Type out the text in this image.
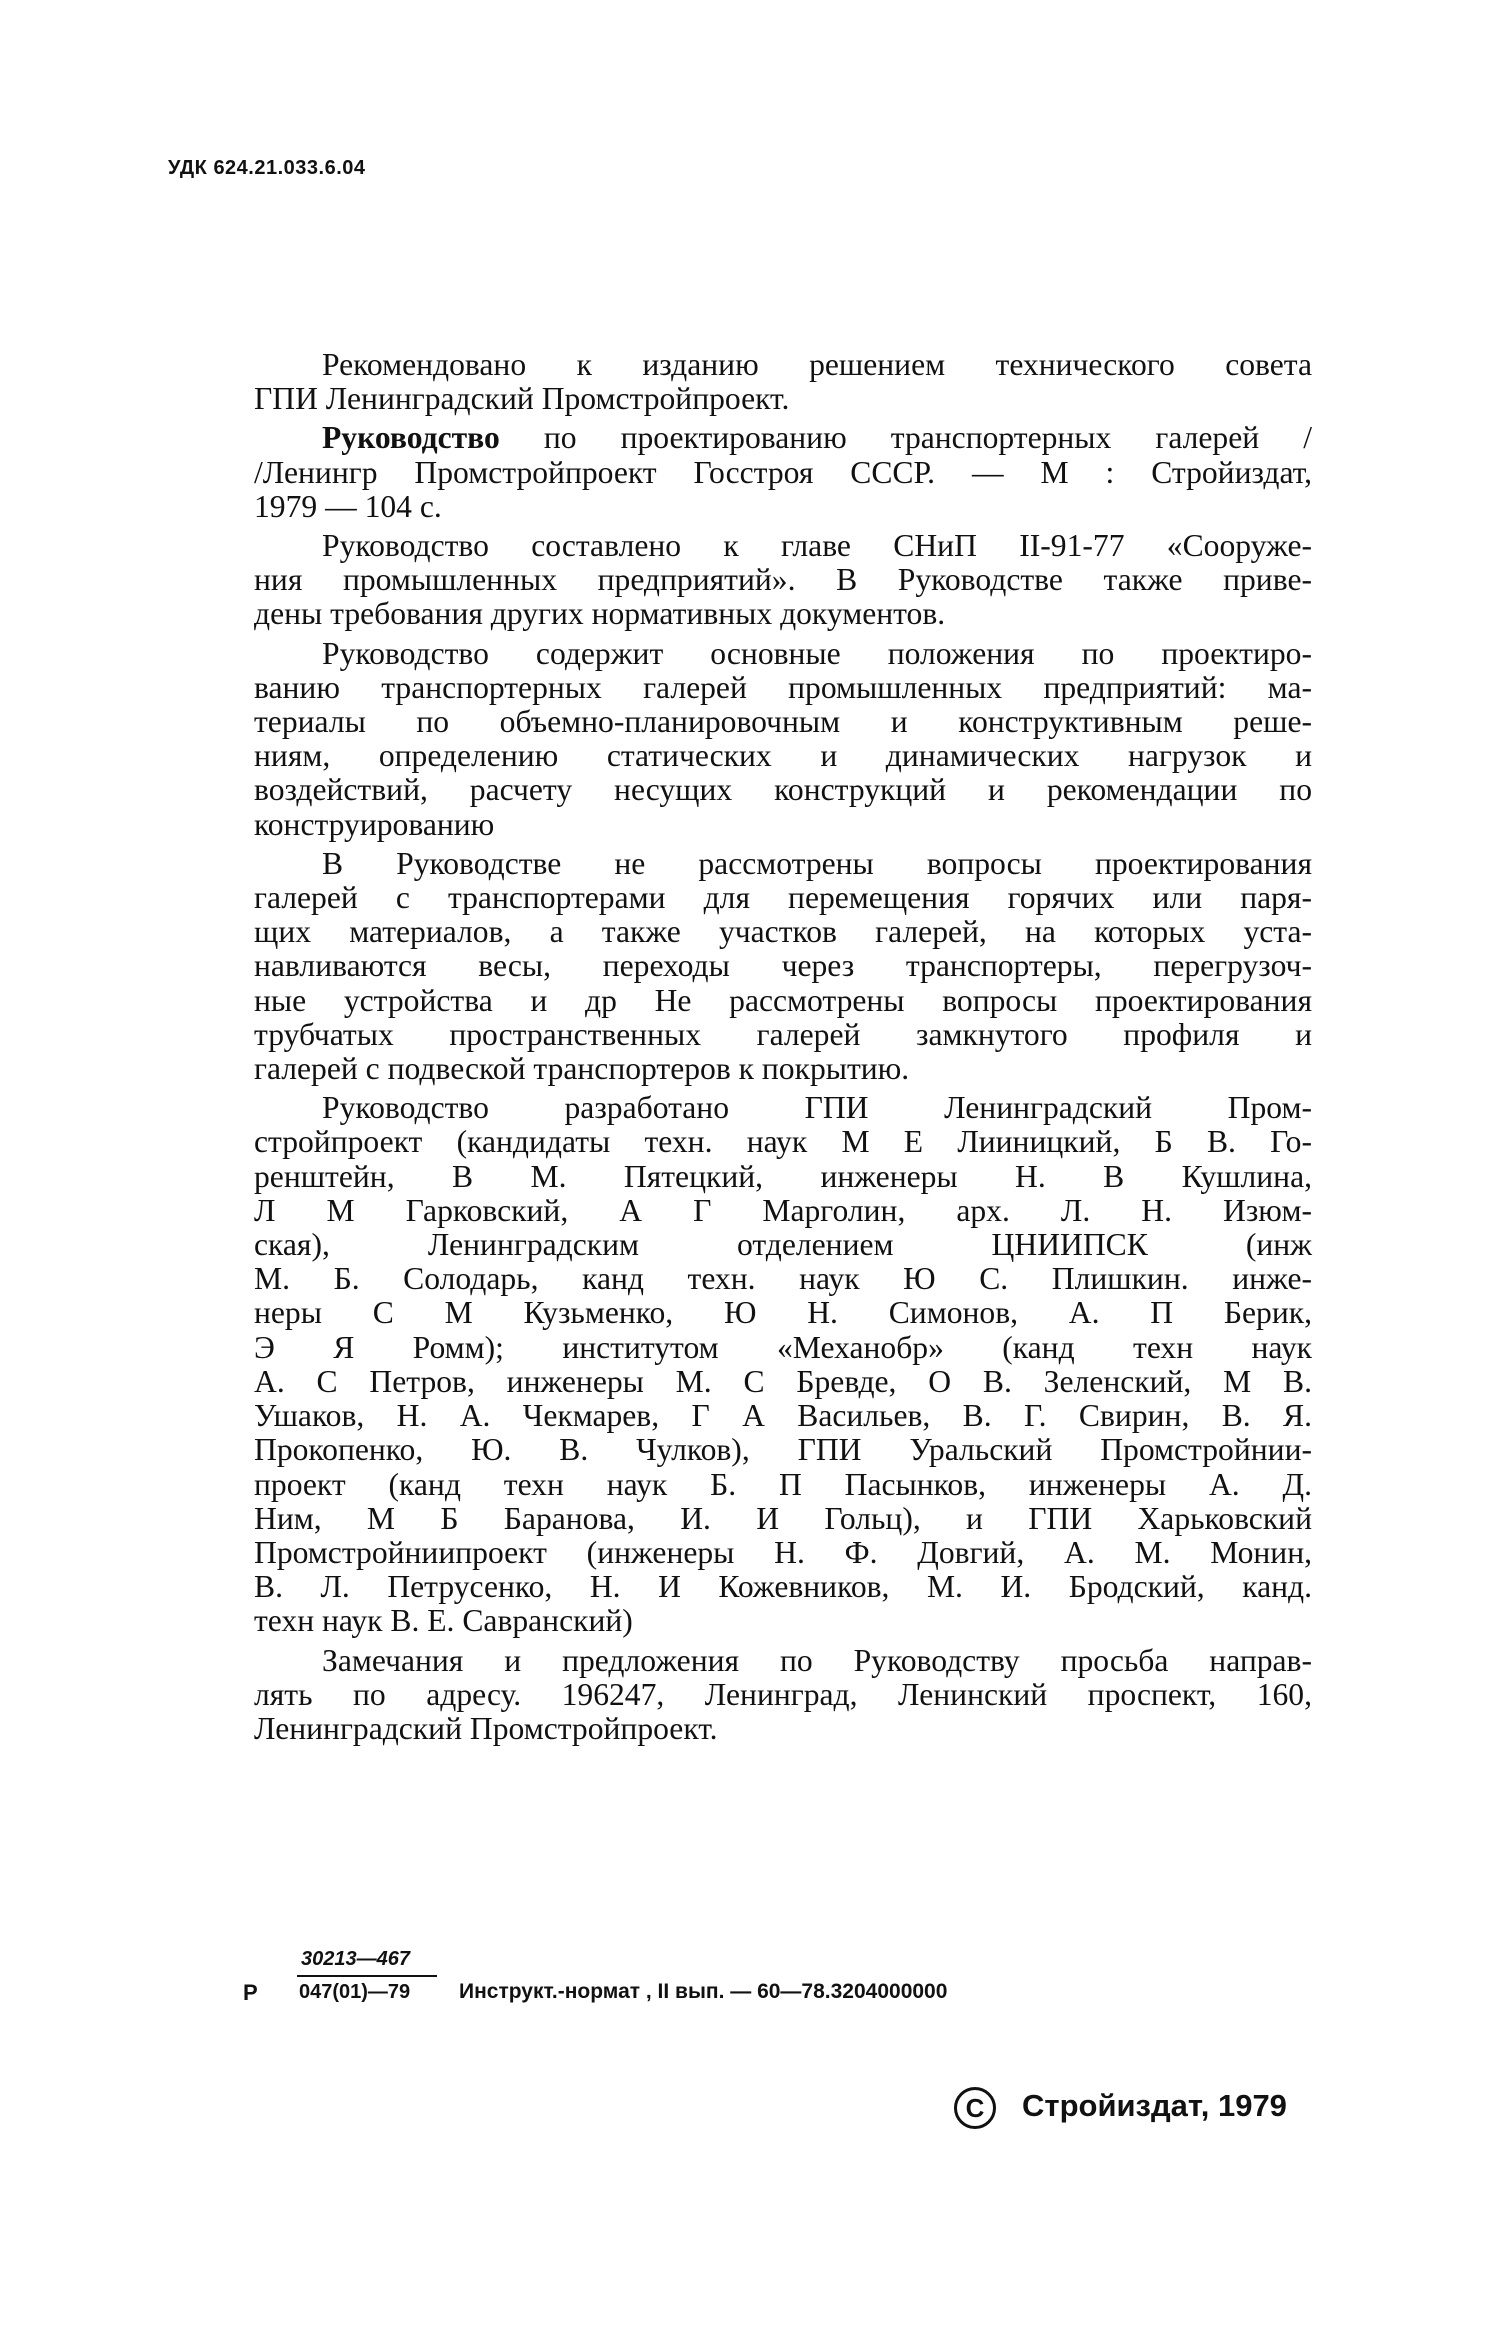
УДК 624.21.033.6.04
Рекомендовано к изданию решением технического совета
ГПИ Ленинградский Промстройпроект.
Руководство по проектированию транспортерных галерей /
/Ленингр Промстройпроект Госстроя СССР. — М : Стройиздат,
1979 — 104 с.
Руководство составлено к главе СНиП II-91-77 «Сооруже-
ния промышленных предприятий». В Руководстве также приве-
дены требования других нормативных документов.
Руководство содержит основные положения по проектиро-
ванию транспортерных галерей промышленных предприятий: ма-
териалы по объемно-планировочным и конструктивным реше-
ниям, определению статических и динамических нагрузок и
воздействий, расчету несущих конструкций и рекомендации по
конструированию
В Руководстве не рассмотрены вопросы проектирования
галерей с транспортерами для перемещения горячих или паря-
щих материалов, а также участков галерей, на которых уста-
навливаются весы, переходы через транспортеры, перегрузоч-
ные устройства и др Не рассмотрены вопросы проектирования
трубчатых пространственных галерей замкнутого профиля и
галерей с подвеской транспортеров к покрытию.
Руководство разработано ГПИ Ленинградский Пром-
стройпроект (кандидаты техн. наук М Е Лииницкий, Б В. Го-
ренштейн, В М. Пятецкий, инженеры Н. В Кушлина,
Л М Гарковский, А Г Марголин, арх. Л. Н. Изюм-
ская), Ленинградским отделением ЦНИИПСК (инж
М. Б. Солодарь, канд техн. наук Ю С. Плишкин. инже-
неры С М Кузьменко, Ю Н. Симонов, А. П Берик,
Э Я Ромм); институтом «Механобр» (канд техн наук
А. С Петров, инженеры М. С Бревде, О В. Зеленский, М В.
Ушаков, Н. А. Чекмарев, Г А Васильев, В. Г. Свирин, В. Я.
Прокопенко, Ю. В. Чулков), ГПИ Уральский Промстройнии-
проект (канд техн наук Б. П Пасынков, инженеры А. Д.
Ним, М Б Баранова, И. И Гольц), и ГПИ Харьковский
Промстройниипроект (инженеры Н. Ф. Довгий, А. М. Монин,
В. Л. Петрусенко, Н. И Кожевников, М. И. Бродский, канд.
техн наук В. Е. Савранский)
Замечания и предложения по Руководству просьба направ-
лять по адресу. 196247, Ленинград, Ленинский проспект, 160,
Ленинградский Промстройпроект.
Р
30213—467
047(01)—79	Инструкт.-нормат , II вып. — 60—78.3204000000
C Стройиздат, 1979
